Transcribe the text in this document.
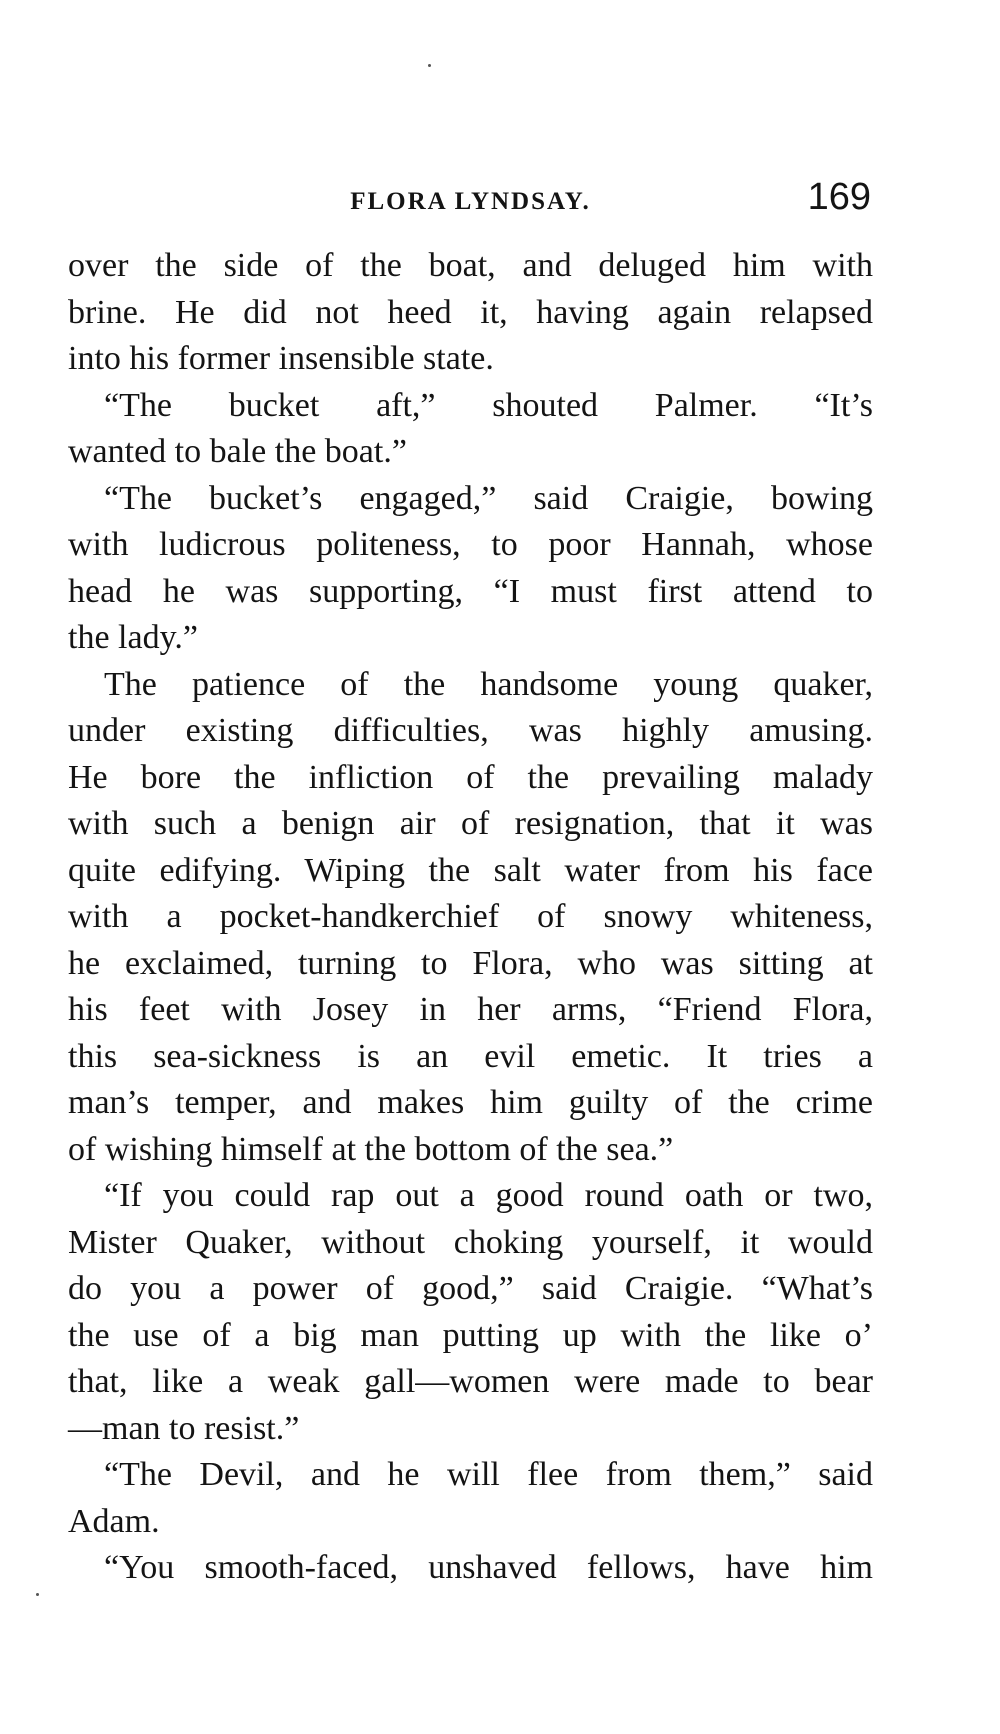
FLORA LYNDSAY.	169
over the side of the boat, and deluged him with
brine. He did not heed it, having again relapsed
into his former insensible state.
“The bucket aft,” shouted Palmer. “It’s
wanted to bale the boat.”
“The bucket’s engaged,” said Craigie, bowing
with ludicrous politeness, to poor Hannah, whose
head he was supporting, “I must first attend to
the lady.”
The patience of the handsome young quaker,
under existing difficulties, was highly amusing.
He bore the infliction of the prevailing malady
with such a benign air of resignation, that it was
quite edifying. Wiping the salt water from his face
with a pocket-handkerchief of snowy whiteness,
he exclaimed, turning to Flora, who was sitting at
his feet with Josey in her arms, “Friend Flora,
this sea-sickness is an evil emetic. It tries a
man’s temper, and makes him guilty of the crime
of wishing himself at the bottom of the sea.”
“If you could rap out a good round oath or two,
Mister Quaker, without choking yourself, it would
do you a power of good,” said Craigie. “What’s
the use of a big man putting up with the like o’
that, like a weak gall—women were made to bear
—man to resist.”
“The Devil, and he will flee from them,” said
Adam.
“You smooth-faced, unshaved fellows, have him
